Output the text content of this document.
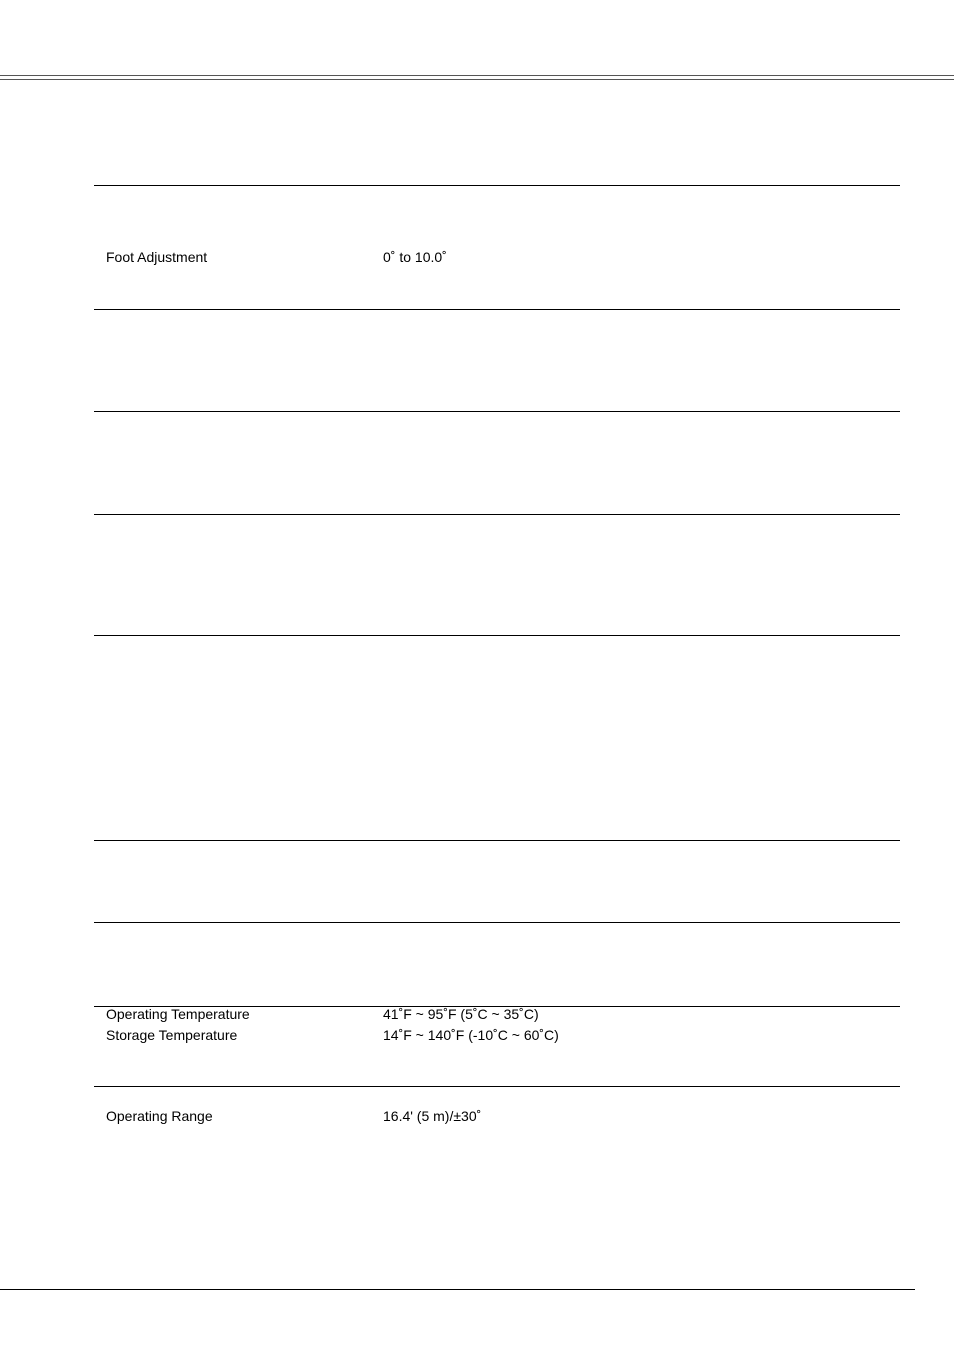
Foot Adjustment	0˚ to 10.0˚
Operating Temperature	41˚F ~ 95˚F (5˚C ~ 35˚C)
Storage Temperature	14˚F ~ 140˚F (-10˚C ~ 60˚C)
Operating Range	16.4' (5 m)/±30˚
